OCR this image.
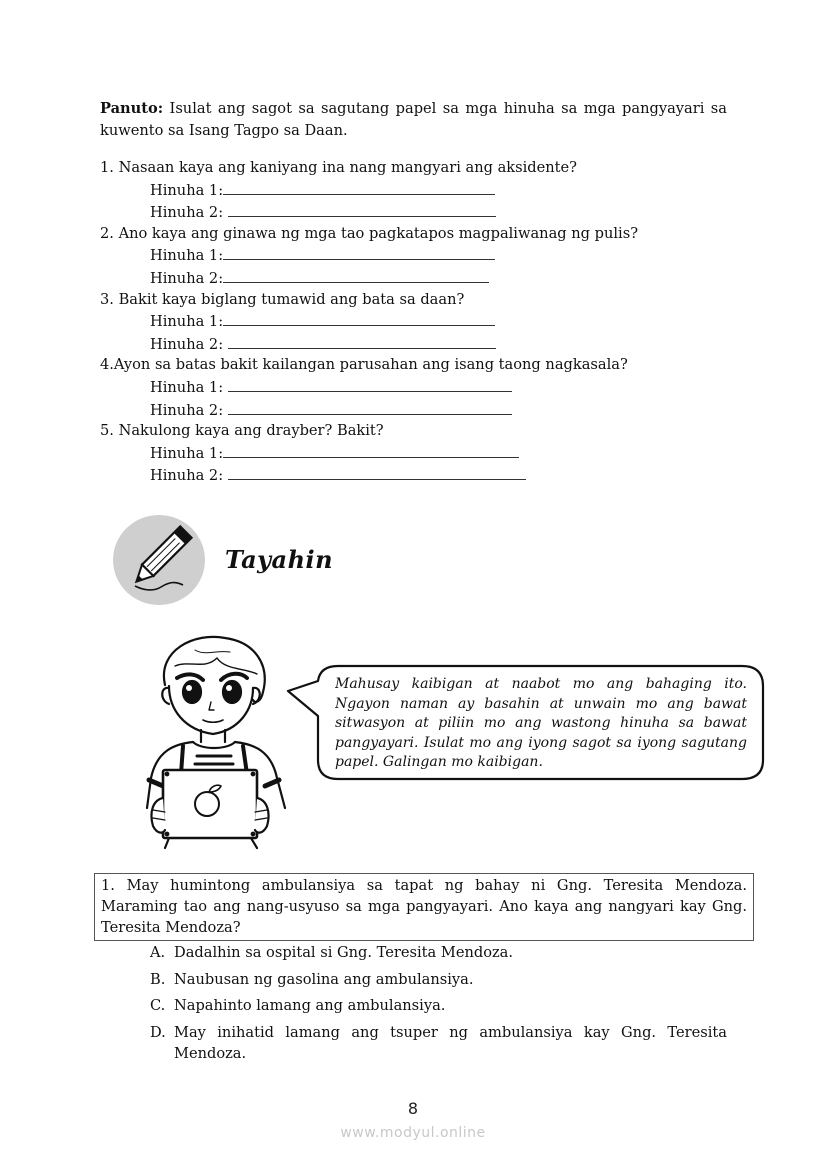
Panuto: Isulat ang sagot sa sagutang papel sa mga hinuha sa mga pangyayari sa kuwento sa Isang Tagpo sa Daan.
1. Nasaan kaya ang kaniyang ina nang mangyari ang aksidente?
Hinuha 1:
Hinuha 2:
2. Ano kaya ang ginawa ng mga tao pagkatapos magpaliwanag ng pulis?
Hinuha 1:
Hinuha 2:
3. Bakit kaya biglang tumawid ang bata sa daan?
Hinuha 1:
Hinuha 2:
4.Ayon sa batas bakit kailangan parusahan ang isang taong nagkasala?
Hinuha 1:
Hinuha 2:
5. Nakulong kaya ang drayber? Bakit?
Hinuha 1:
Hinuha 2:
Tayahin
Mahusay kaibigan at naabot mo ang bahaging ito. Ngayon naman ay basahin at unwain mo ang bawat sitwasyon at piliin mo ang wastong hinuha sa bawat pangyayari. Isulat mo ang iyong sagot sa iyong sagutang papel. Galingan mo kaibigan.

1. May humintong ambulansiya sa tapat ng bahay ni Gng. Teresita Mendoza. Maraming tao ang nang-usyuso sa mga pangyayari. Ano kaya ang nangyari kay Gng. Teresita Mendoza?

A. Dadalhin sa ospital si Gng. Teresita Mendoza.
B. Naubusan ng gasolina ang ambulansiya.
C. Napahinto lamang ang ambulansiya.
D. May inihatid lamang ang tsuper ng ambulansiya kay Gng. Teresita Mendoza.
8
www.modyul.online
